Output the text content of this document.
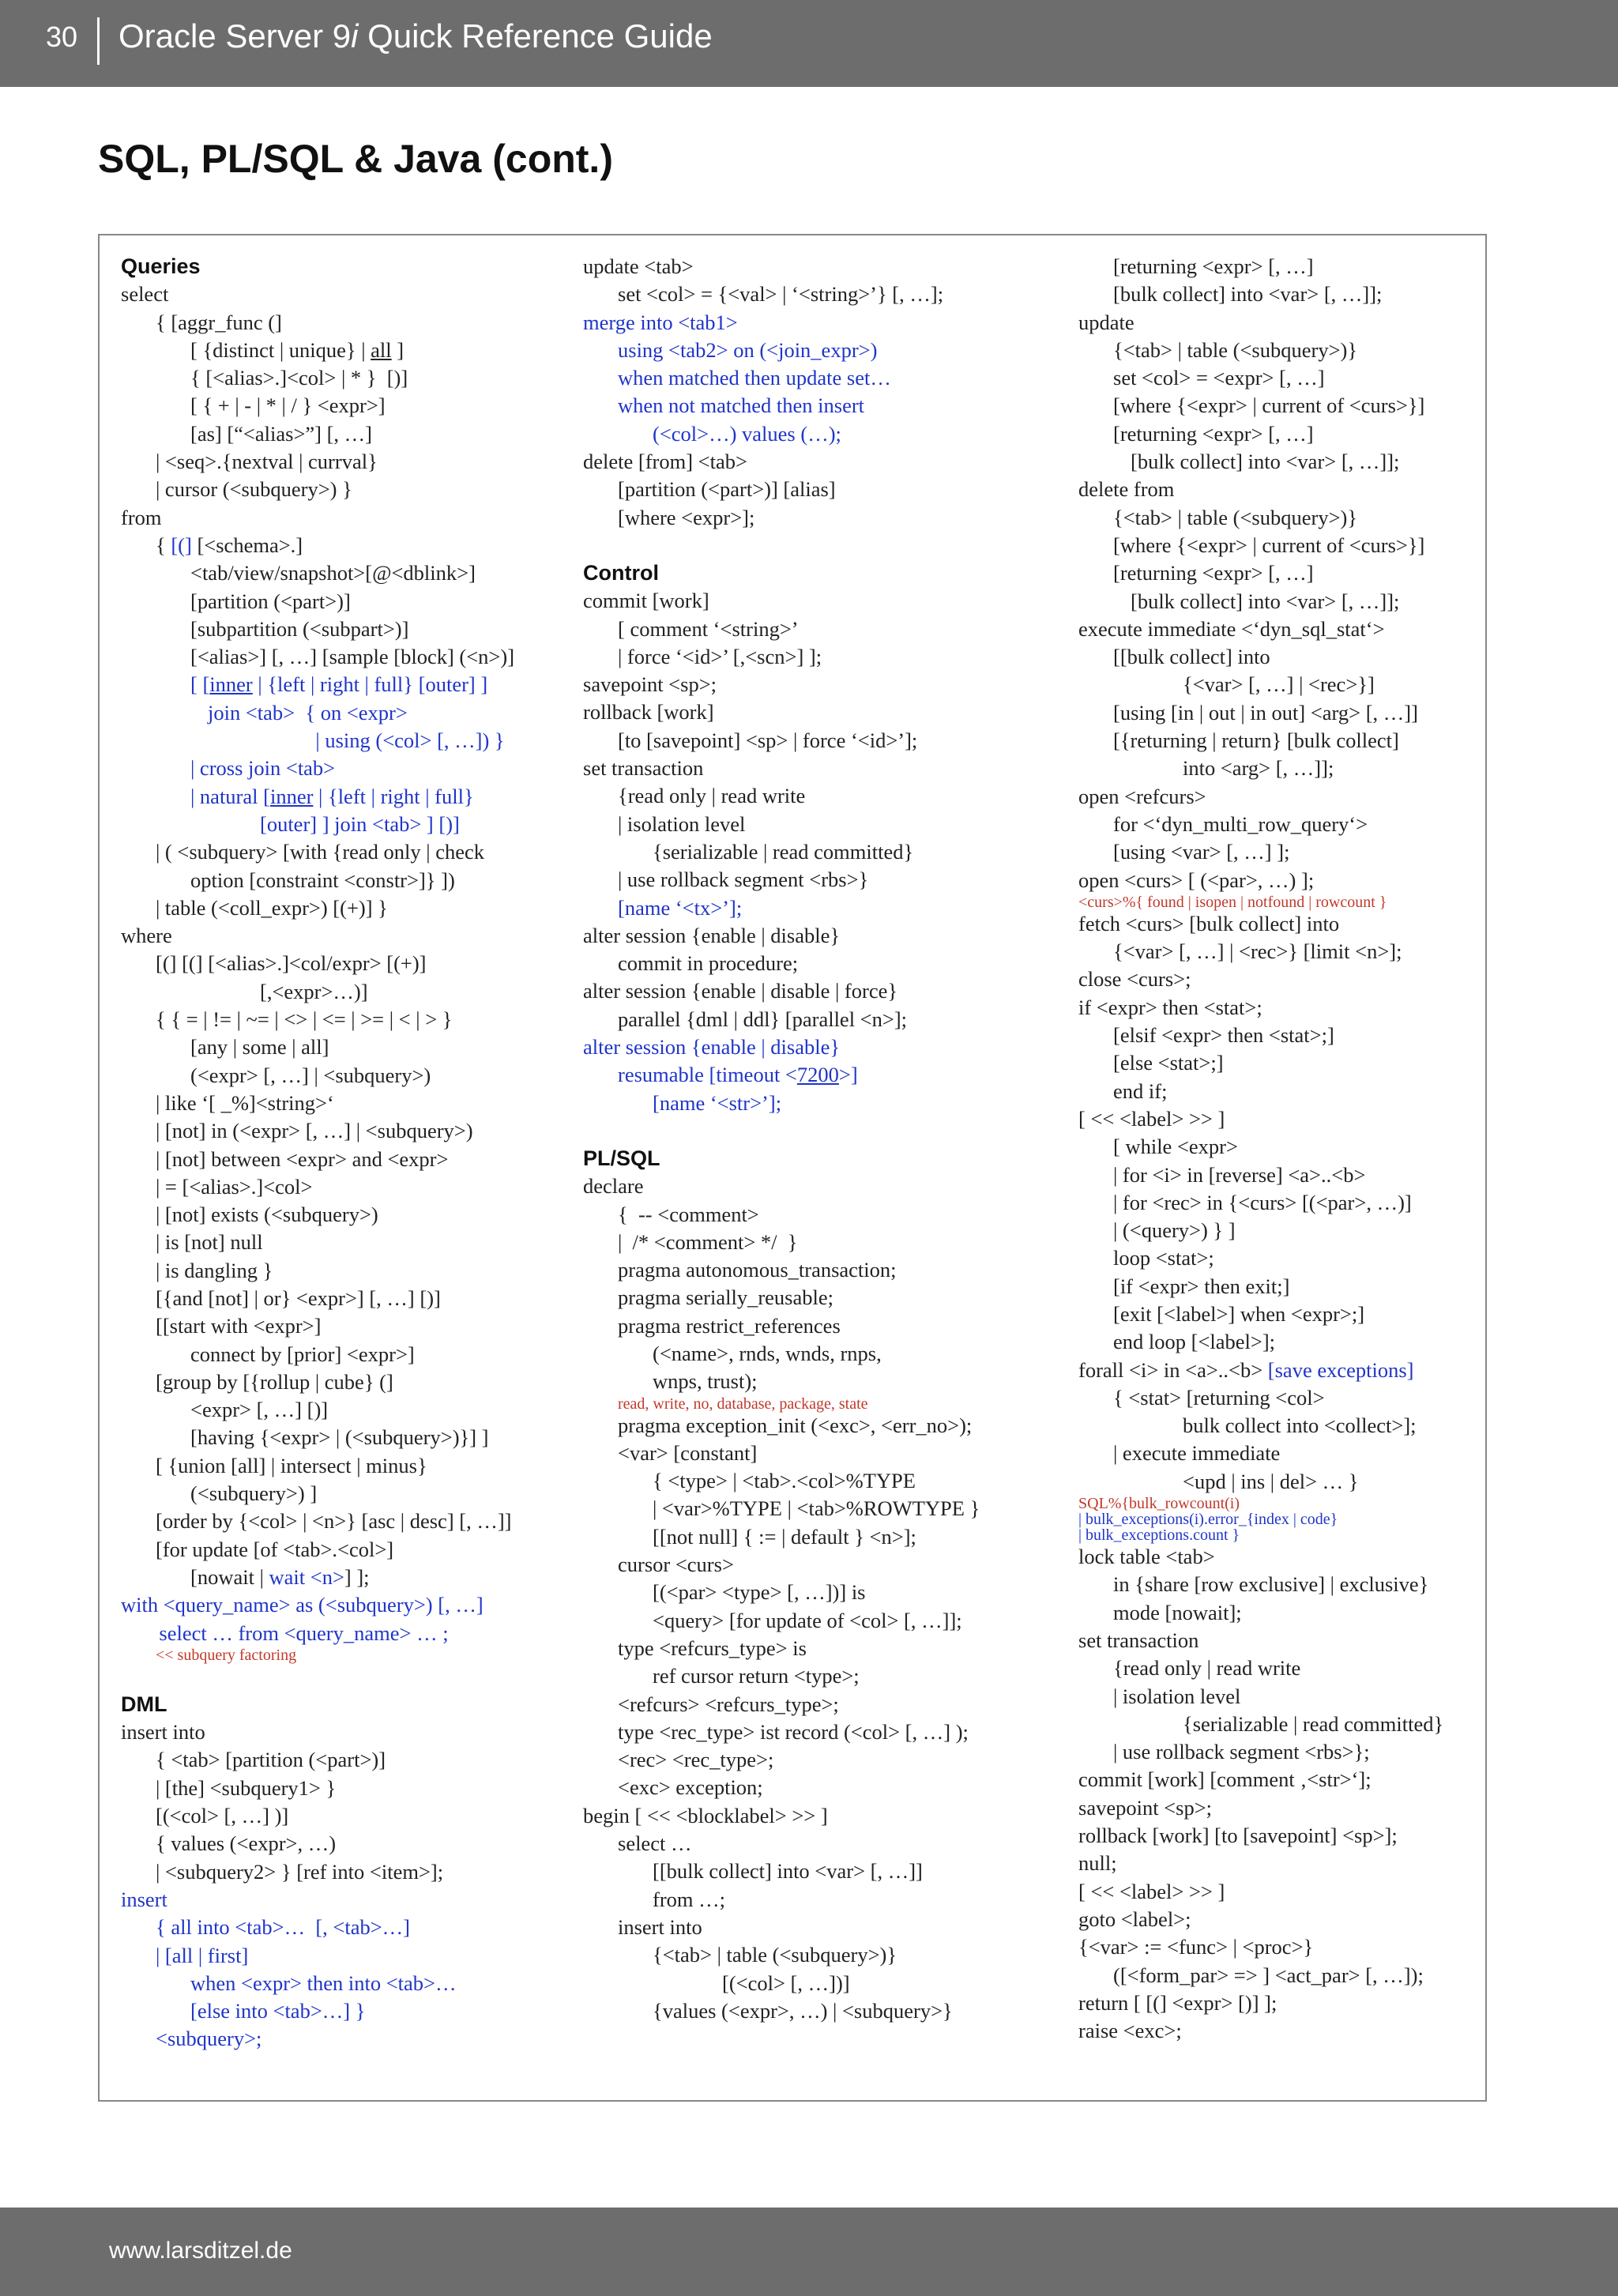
30 Oracle Server 9i Quick Reference Guide
SQL, PL/SQL & Java (cont.)
Queries
select
{ [aggr_func (]
[ {distinct | unique} | all ]
{ [<alias>.]<col> | * }  [)]
[ { + | - | * | / } <expr>]
[as] [“<alias>”] [, …]
| <seq>.{nextval | currval}
| cursor (<subquery>) }
from
{ [(] [<schema>.]
<tab/view/snapshot>[@<dblink>]
[partition (<part>)]
[subpartition (<subpart>)]
[<alias>] [, …] [sample [block] (<n>)]
[ [inner | {left | right | full} [outer] ]
join <tab>  { on <expr>
| using (<col> [, …]) }
| cross join <tab>
| natural [inner | {left | right | full}
[outer] ] join <tab> ] [)]
| ( <subquery> [with {read only | check
option [constraint <constr>]} ])
| table (<coll_expr>) [(+)] }
where
[(] [(] [<alias>.]<col/expr> [(+)]
[,<expr>…)]
{ { = | != | ~= | <> | <= | >= | < | > }
[any | some | all]
(<expr> [, …] | <subquery>)
| like ‘[ _%]<string>‘
| [not] in (<expr> [, …] | <subquery>)
| [not] between <expr> and <expr>
| = [<alias>.]<col>
| [not] exists (<subquery>)
| is [not] null
| is dangling }
[{and [not] | or} <expr>] [, …] [)]
[[start with <expr>]
connect by [prior] <expr>]
[group by [{rollup | cube} (]
<expr> [, …] [)]
[having {<expr> | (<subquery>)}] ]
[ {union [all] | intersect | minus}
(<subquery>) ]
[order by {<col> | <n>} [asc | desc] [, …]]
[for update [of <tab>.<col>]
[nowait | wait <n>] ];
with <query_name> as (<subquery>) [, …]
select … from <query_name> … ;
<< subquery factoring
DML
insert into
{ <tab> [partition (<part>)]
| [the] <subquery1> }
[(<col> [, …] )]
{ values (<expr>, …)
| <subquery2> } [ref into <item>];
insert
{ all into <tab>…  [, <tab>…]
| [all | first]
when <expr> then into <tab>…
[else into <tab>…] }
<subquery>;
update <tab>
set <col> = {<val> | ‘<string>’} [, …];
merge into <tab1>
using <tab2> on (<join_expr>)
when matched then update set…
when not matched then insert
(<col>…) values (…);
delete [from] <tab>
[partition (<part>)] [alias]
[where <expr>];
Control
commit [work]
[ comment ‘<string>’
| force ‘<id>’ [,<scn>] ];
savepoint <sp>;
rollback [work]
[to [savepoint] <sp> | force ‘<id>’];
set transaction
{read only | read write
| isolation level
{serializable | read committed}
| use rollback segment <rbs>}
[name ‘<tx>’];
alter session {enable | disable}
commit in procedure;
alter session {enable | disable | force}
parallel {dml | ddl} [parallel <n>];
alter session {enable | disable}
resumable [timeout <7200>]
[name ‘<str>’];
PL/SQL
declare
{  -- <comment>
|  /* <comment> */  }
pragma autonomous_transaction;
pragma serially_reusable;
pragma restrict_references
(<name>, rnds, wnds, rnps,
wnps, trust);
read, write, no, database, package, state
pragma exception_init (<exc>, <err_no>);
<var> [constant]
{ <type> | <tab>.<col>%TYPE
| <var>%TYPE | <tab>%ROWTYPE }
[[not null] { := | default } <n>];
cursor <curs>
[(<par> <type> [, …])] is
<query> [for update of <col> [, …]];
type <refcurs_type> is
ref cursor return <type>;
<refcurs> <refcurs_type>;
type <rec_type> ist record (<col> [, …] );
<rec> <rec_type>;
<exc> exception;
begin [ << <blocklabel> >> ]
select …
[[bulk collect] into <var> [, …]]
from …;
insert into
{<tab> | table (<subquery>)}
[(<col> [, …])]
{values (<expr>, …) | <subquery>}
[returning <expr> [, …]
[bulk collect] into <var> [, …]];
update
{<tab> | table (<subquery>)}
set <col> = <expr> [, …]
[where {<expr> | current of <curs>}]
[returning <expr> [, …]
[bulk collect] into <var> [, …]];
delete from
{<tab> | table (<subquery>)}
[where {<expr> | current of <curs>}]
[returning <expr> [, …]
[bulk collect] into <var> [, …]];
execute immediate <‘dyn_sql_stat‘>
[[bulk collect] into
{<var> [, …] | <rec>}]
[using [in | out | in out] <arg> [, …]]
[{returning | return} [bulk collect]
into <arg> [, …]];
open <refcurs>
for <‘dyn_multi_row_query‘>
[using <var> [, …] ];
open <curs> [ (<par>, …) ];
<curs>%{ found | isopen | notfound | rowcount }
fetch <curs> [bulk collect] into
{<var> [, …] | <rec>} [limit <n>];
close <curs>;
if <expr> then <stat>;
[elsif <expr> then <stat>;]
[else <stat>;]
end if;
[ << <label> >> ]
[ while <expr>
| for <i> in [reverse] <a>..<b>
| for <rec> in {<curs> [(<par>, …)]
| (<query>) } ]
loop <stat>;
[if <expr> then exit;]
[exit [<label>] when <expr>;]
end loop [<label>];
forall <i> in <a>..<b> [save exceptions]
{ <stat> [returning <col>
bulk collect into <collect>];
| execute immediate
<upd | ins | del> … }
SQL%{bulk_rowcount(i)
| bulk_exceptions(i).error_{index | code}
| bulk_exceptions.count }
lock table <tab>
in {share [row exclusive] | exclusive}
mode [nowait];
set transaction
{read only | read write
| isolation level
{serializable | read committed}
| use rollback segment <rbs>};
commit [work] [comment ‚<str>‘];
savepoint <sp>;
rollback [work] [to [savepoint] <sp>];
null;
[ << <label> >> ]
goto <label>;
{<var> := <func> | <proc>}
([<form_par> => ] <act_par> [, …]);
return [ [(] <expr> [)] ];
raise <exc>;
www.larsditzel.de
